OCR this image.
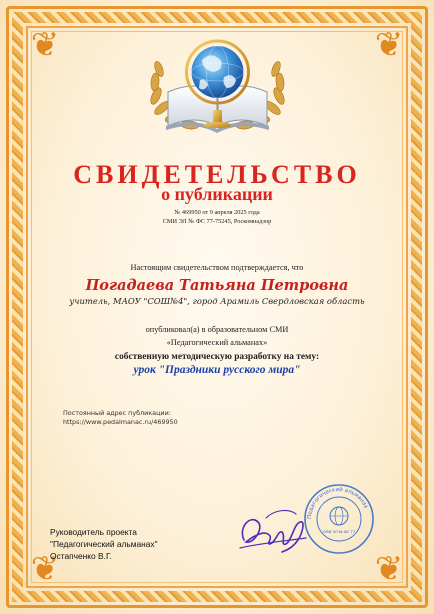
❦	❦
❦	❦
СВИДЕТЕЛЬСТВО
о публикации
№ 469950 от 9 апреля 2025 года
СМИ ЭЛ № ФС 77-75245, Роскомнадзор
Настоящим свидетельством подтверждается, что
Погадаева Татьяна Петровна
учитель, МАОУ "СОШ№4", город Арамиль Свердловская область
опубликовал(а) в образовательном СМИ
«Педагогический альманах»
собственную методическую разработку на тему:
урок "Праздники русского мира"
Постоянный адрес публикации:
https://www.pedalmanac.ru/469950
Руководитель проекта
"Педагогический альманах"
Остапченко В.Г.
Педагогический альманах
СМИ ЭЛ № ФС 77
